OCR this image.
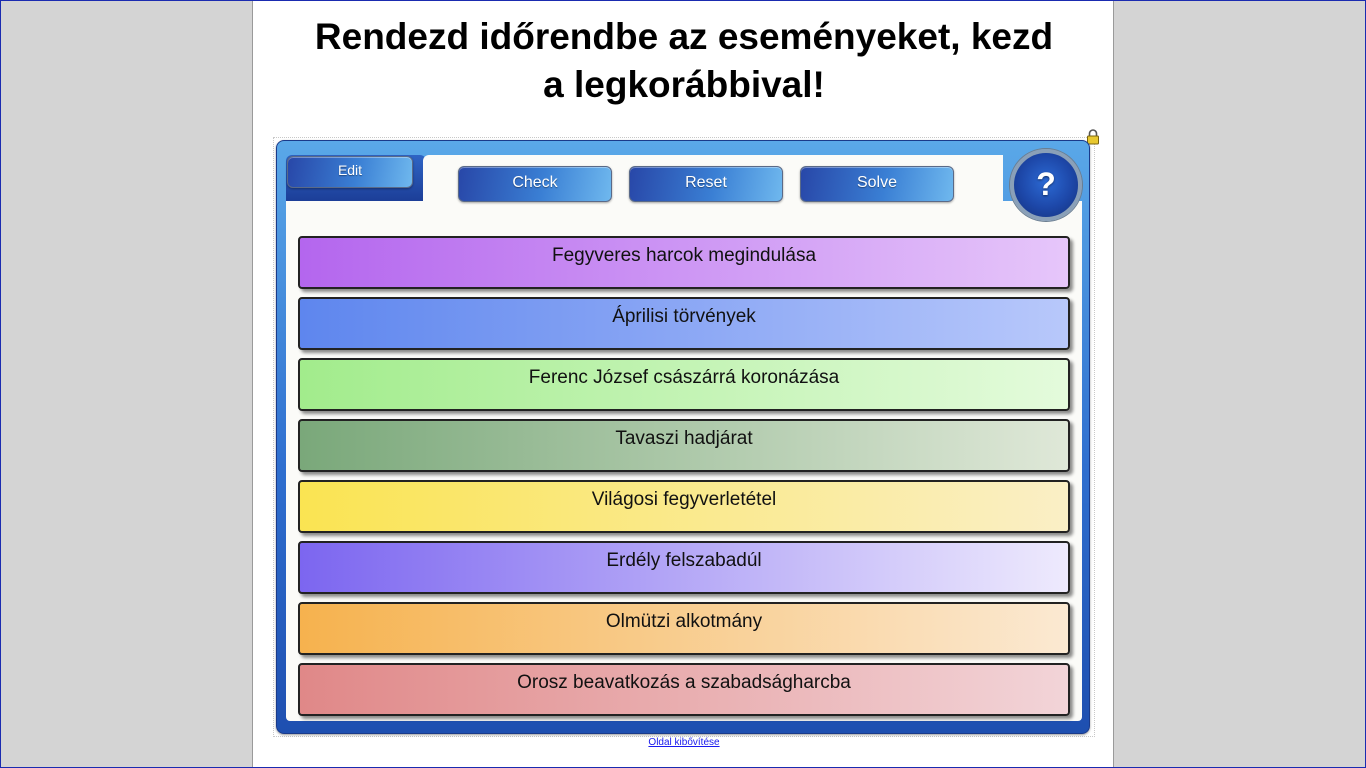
Rendezd időrendbe az eseményeket, kezd
a legkorábbival!
Edit
Check	Reset	Solve	?
Fegyveres harcok megindulása
Áprilisi törvények
Ferenc József császárrá koronázása
Tavaszi hadjárat
Világosi fegyverletétel
Erdély felszabadúl
Olmützi alkotmány
Orosz beavatkozás a szabadságharcba
Oldal kibővítése
